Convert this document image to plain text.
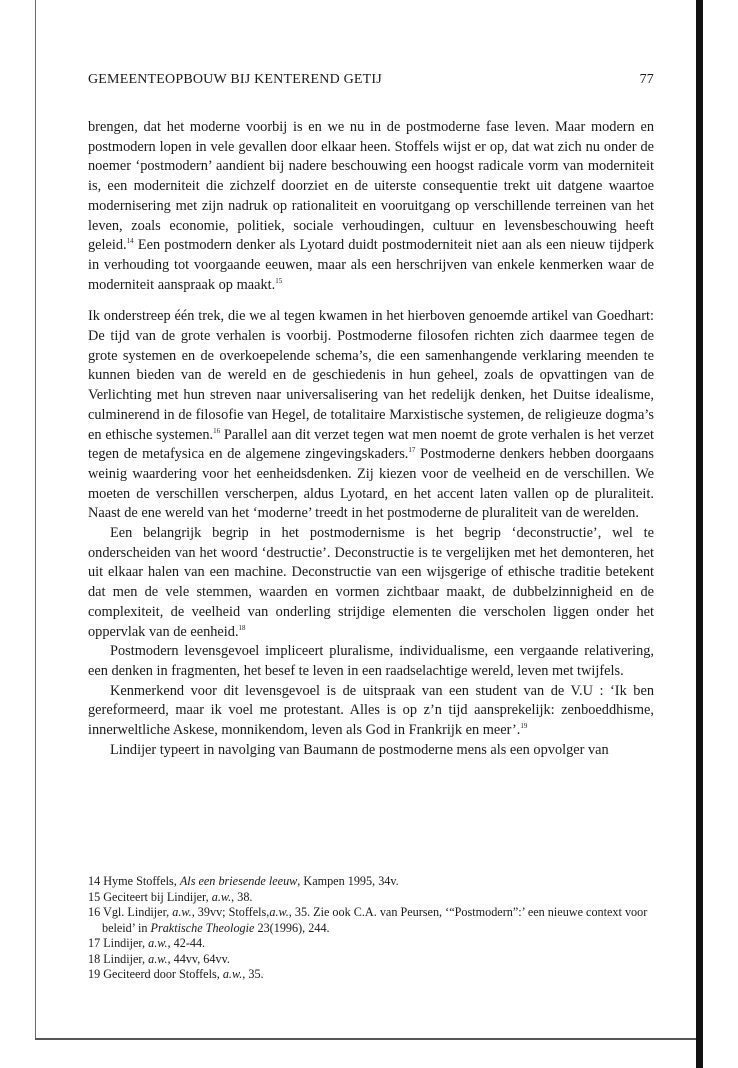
GEMEENTEOPBOUW BIJ KENTEREND GETIJ	77

brengen, dat het moderne voorbij is en we nu in de postmoderne fase leven. Maar modern en postmodern lopen in vele gevallen door elkaar heen. Stoffels wijst er op, dat wat zich nu onder de noemer ‘postmodern’ aandient bij nadere beschouwing een hoogst radicale vorm van moderniteit is, een moderniteit die zichzelf doorziet en de uiterste consequentie trekt uit datgene waartoe modernisering met zijn nadruk op rationaliteit en vooruitgang op verschillende terreinen van het leven, zoals economie, politiek, sociale verhoudingen, cultuur en levensbeschouwing heeft geleid.$^{14}$ Een postmodern denker als Lyotard duidt postmoderniteit niet aan als een nieuw tijdperk in verhouding tot voorgaande eeuwen, maar als een herschrijven van enkele kenmerken waar de moderniteit aanspraak op maakt.$^{15}$

Ik onderstreep één trek, die we al tegen kwamen in het hierboven genoemde artikel van Goedhart: De tijd van de grote verhalen is voorbij. Postmoderne filosofen richten zich daarmee tegen de grote systemen en de overkoepelende schema’s, die een samenhangende verklaring meenden te kunnen bieden van de wereld en de geschiedenis in hun geheel, zoals de opvattingen van de Verlichting met hun streven naar universalisering van het redelijk denken, het Duitse idealisme, culminerend in de filosofie van Hegel, de totalitaire Marxistische systemen, de religieuze dogma’s en ethische systemen.$^{16}$ Parallel aan dit verzet tegen wat men noemt de grote verhalen is het verzet tegen de metafysica en de algemene zingevingskaders.$^{17}$ Postmoderne denkers hebben doorgaans weinig waardering voor het eenheidsdenken. Zij kiezen voor de veelheid en de verschillen. We moeten de verschillen verscherpen, aldus Lyotard, en het accent laten vallen op de pluraliteit. Naast de ene wereld van het ‘moderne’ treedt in het postmoderne de pluraliteit van de werelden.

Een belangrijk begrip in het postmodernisme is het begrip ‘deconstructie’, wel te onderscheiden van het woord ‘destructie’. Deconstructie is te vergelijken met het demonteren, het uit elkaar halen van een machine. Deconstructie van een wijsgerige of ethische traditie betekent dat men de vele stemmen, waarden en vormen zichtbaar maakt, de dubbelzinnigheid en de complexiteit, de veelheid van onderling strijdige elementen die verscholen liggen onder het oppervlak van de eenheid.$^{18}$

Postmodern levensgevoel impliceert pluralisme, individualisme, een vergaande relativering, een denken in fragmenten, het besef te leven in een raadselachtige wereld, leven met twijfels.

Kenmerkend voor dit levensgevoel is de uitspraak van een student van de V.U : ‘Ik ben gereformeerd, maar ik voel me protestant. Alles is op z’n tijd aansprekelijk: zenboeddhisme, innerweltliche Askese, monnikendom, leven als God in Frankrijk en meer’.$^{19}$

Lindijer typeert in navolging van Baumann de postmoderne mens als een opvolger van

14 Hyme Stoffels, Als een briesende leeuw, Kampen 1995, 34v.
15 Geciteert bij Lindijer, a.w., 38.
16 Vgl. Lindijer, a.w., 39vv; Stoffels,a.w., 35. Zie ook C.A. van Peursen, ‘“Postmodern”:’ een nieuwe context voor beleid’ in Praktische Theologie 23(1996), 244.
17 Lindijer, a.w., 42-44.
18 Lindijer, a.w., 44vv, 64vv.
19 Geciteerd door Stoffels, a.w., 35.
